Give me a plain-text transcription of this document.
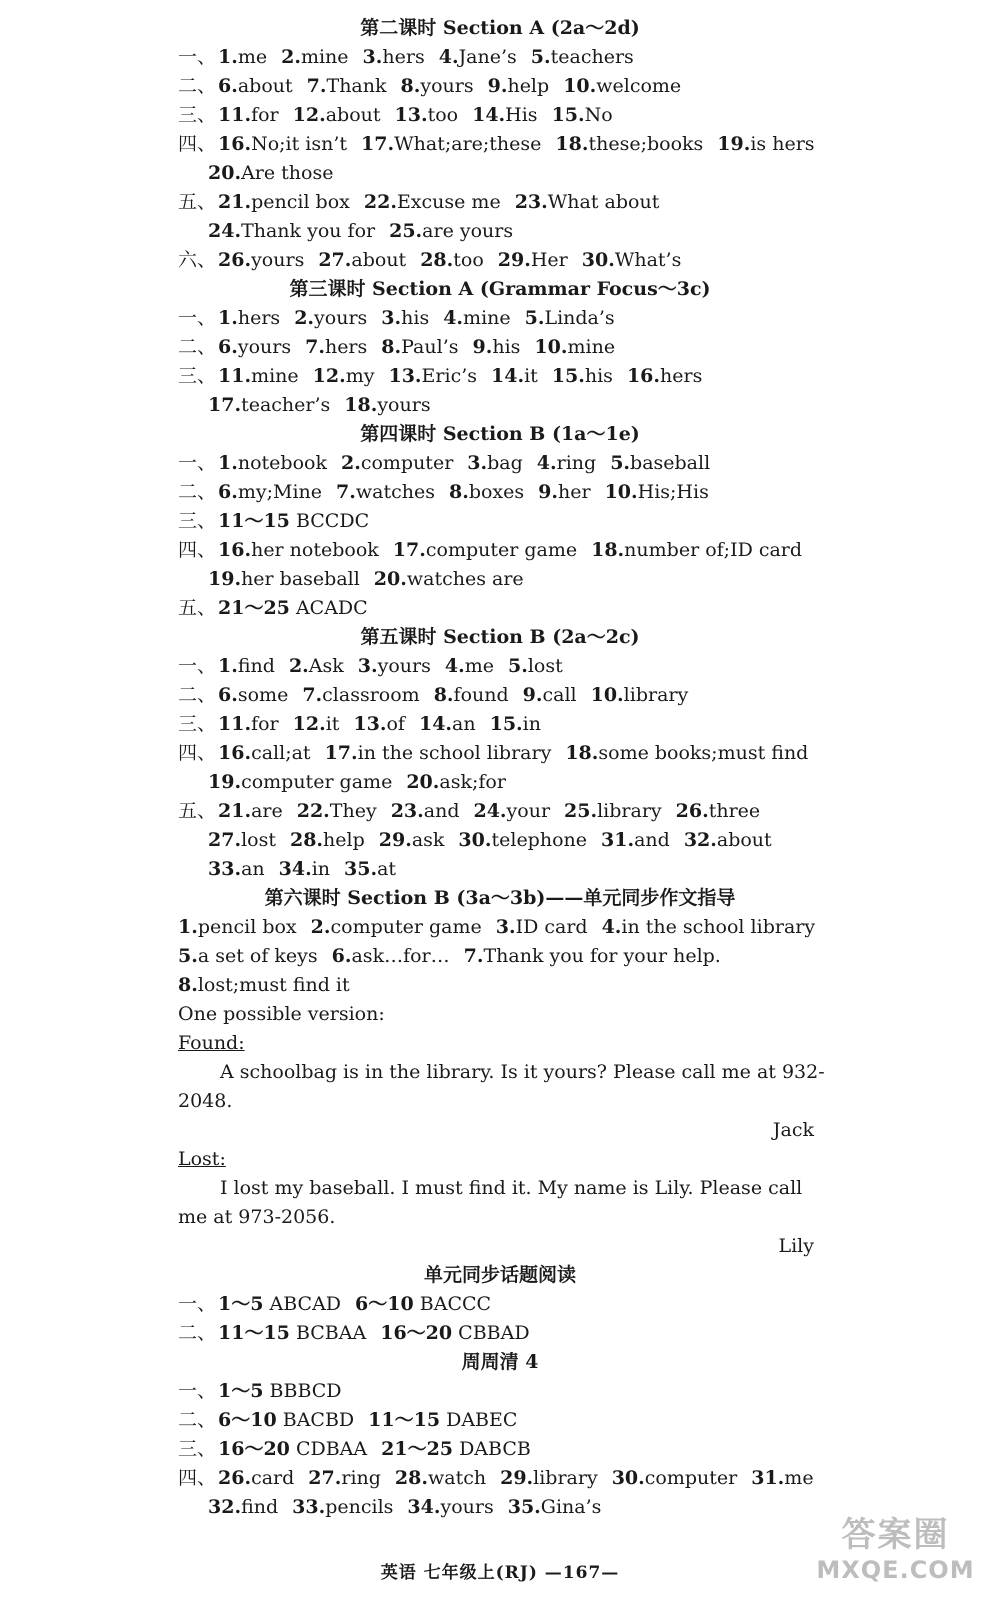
第二课时 Section A (2a～2d)
一、 1.me 2.mine 3.hers 4.Jane’s 5.teachers
二、 6.about 7.Thank 8.yours 9.help 10.welcome
三、 11.for 12.about 13.too 14.His 15.No
四、 16.No;it isn’t 17.What;are;these 18.these;books 19.is hers
20.Are those
五、 21.pencil box 22.Excuse me 23.What about
24.Thank you for 25.are yours
六、 26.yours 27.about 28.too 29.Her 30.What’s
第三课时 Section A (Grammar Focus～3c)
一、 1.hers 2.yours 3.his 4.mine 5.Linda’s
二、 6.yours 7.hers 8.Paul’s 9.his 10.mine
三、 11.mine 12.my 13.Eric’s 14.it 15.his 16.hers
17.teacher’s 18.yours
第四课时 Section B (1a～1e)
一、 1.notebook 2.computer 3.bag 4.ring 5.baseball
二、 6.my;Mine 7.watches 8.boxes 9.her 10.His;His
三、 11～15 BCCDC
四、 16.her notebook 17.computer game 18.number of;ID card
19.her baseball 20.watches are
五、 21～25 ACADC
第五课时 Section B (2a～2c)
一、 1.find 2.Ask 3.yours 4.me 5.lost
二、 6.some 7.classroom 8.found 9.call 10.library
三、 11.for 12.it 13.of 14.an 15.in
四、 16.call;at 17.in the school library 18.some books;must find
19.computer game 20.ask;for
五、 21.are 22.They 23.and 24.your 25.library 26.three
27.lost 28.help 29.ask 30.telephone 31.and 32.about
33.an 34.in 35.at
第六课时 Section B (3a～3b)——单元同步作文指导
1.pencil box 2.computer game 3.ID card 4.in the school library
5.a set of keys 6.ask…for… 7.Thank you for your help.
8.lost;must find it
One possible version:
Found:
A schoolbag is in the library. Is it yours? Please call me at 932-
2048.
Jack
Lost:
I lost my baseball. I must find it. My name is Lily. Please call
me at 973-2056.
Lily
单元同步话题阅读
一、 1～5 ABCAD 6～10 BACCC
二、 11～15 BCBAA 16～20 CBBAD
周周清 4
一、 1～5 BBBCD
二、 6～10 BACBD 11～15 DABEC
三、 16～20 CDBAA 21～25 DABCB
四、 26.card 27.ring 28.watch 29.library 30.computer 31.me
32.find 33.pencils 34.yours 35.Gina’s
英语 七年级上(RJ) —167—
答案圈
MXQE.COM
